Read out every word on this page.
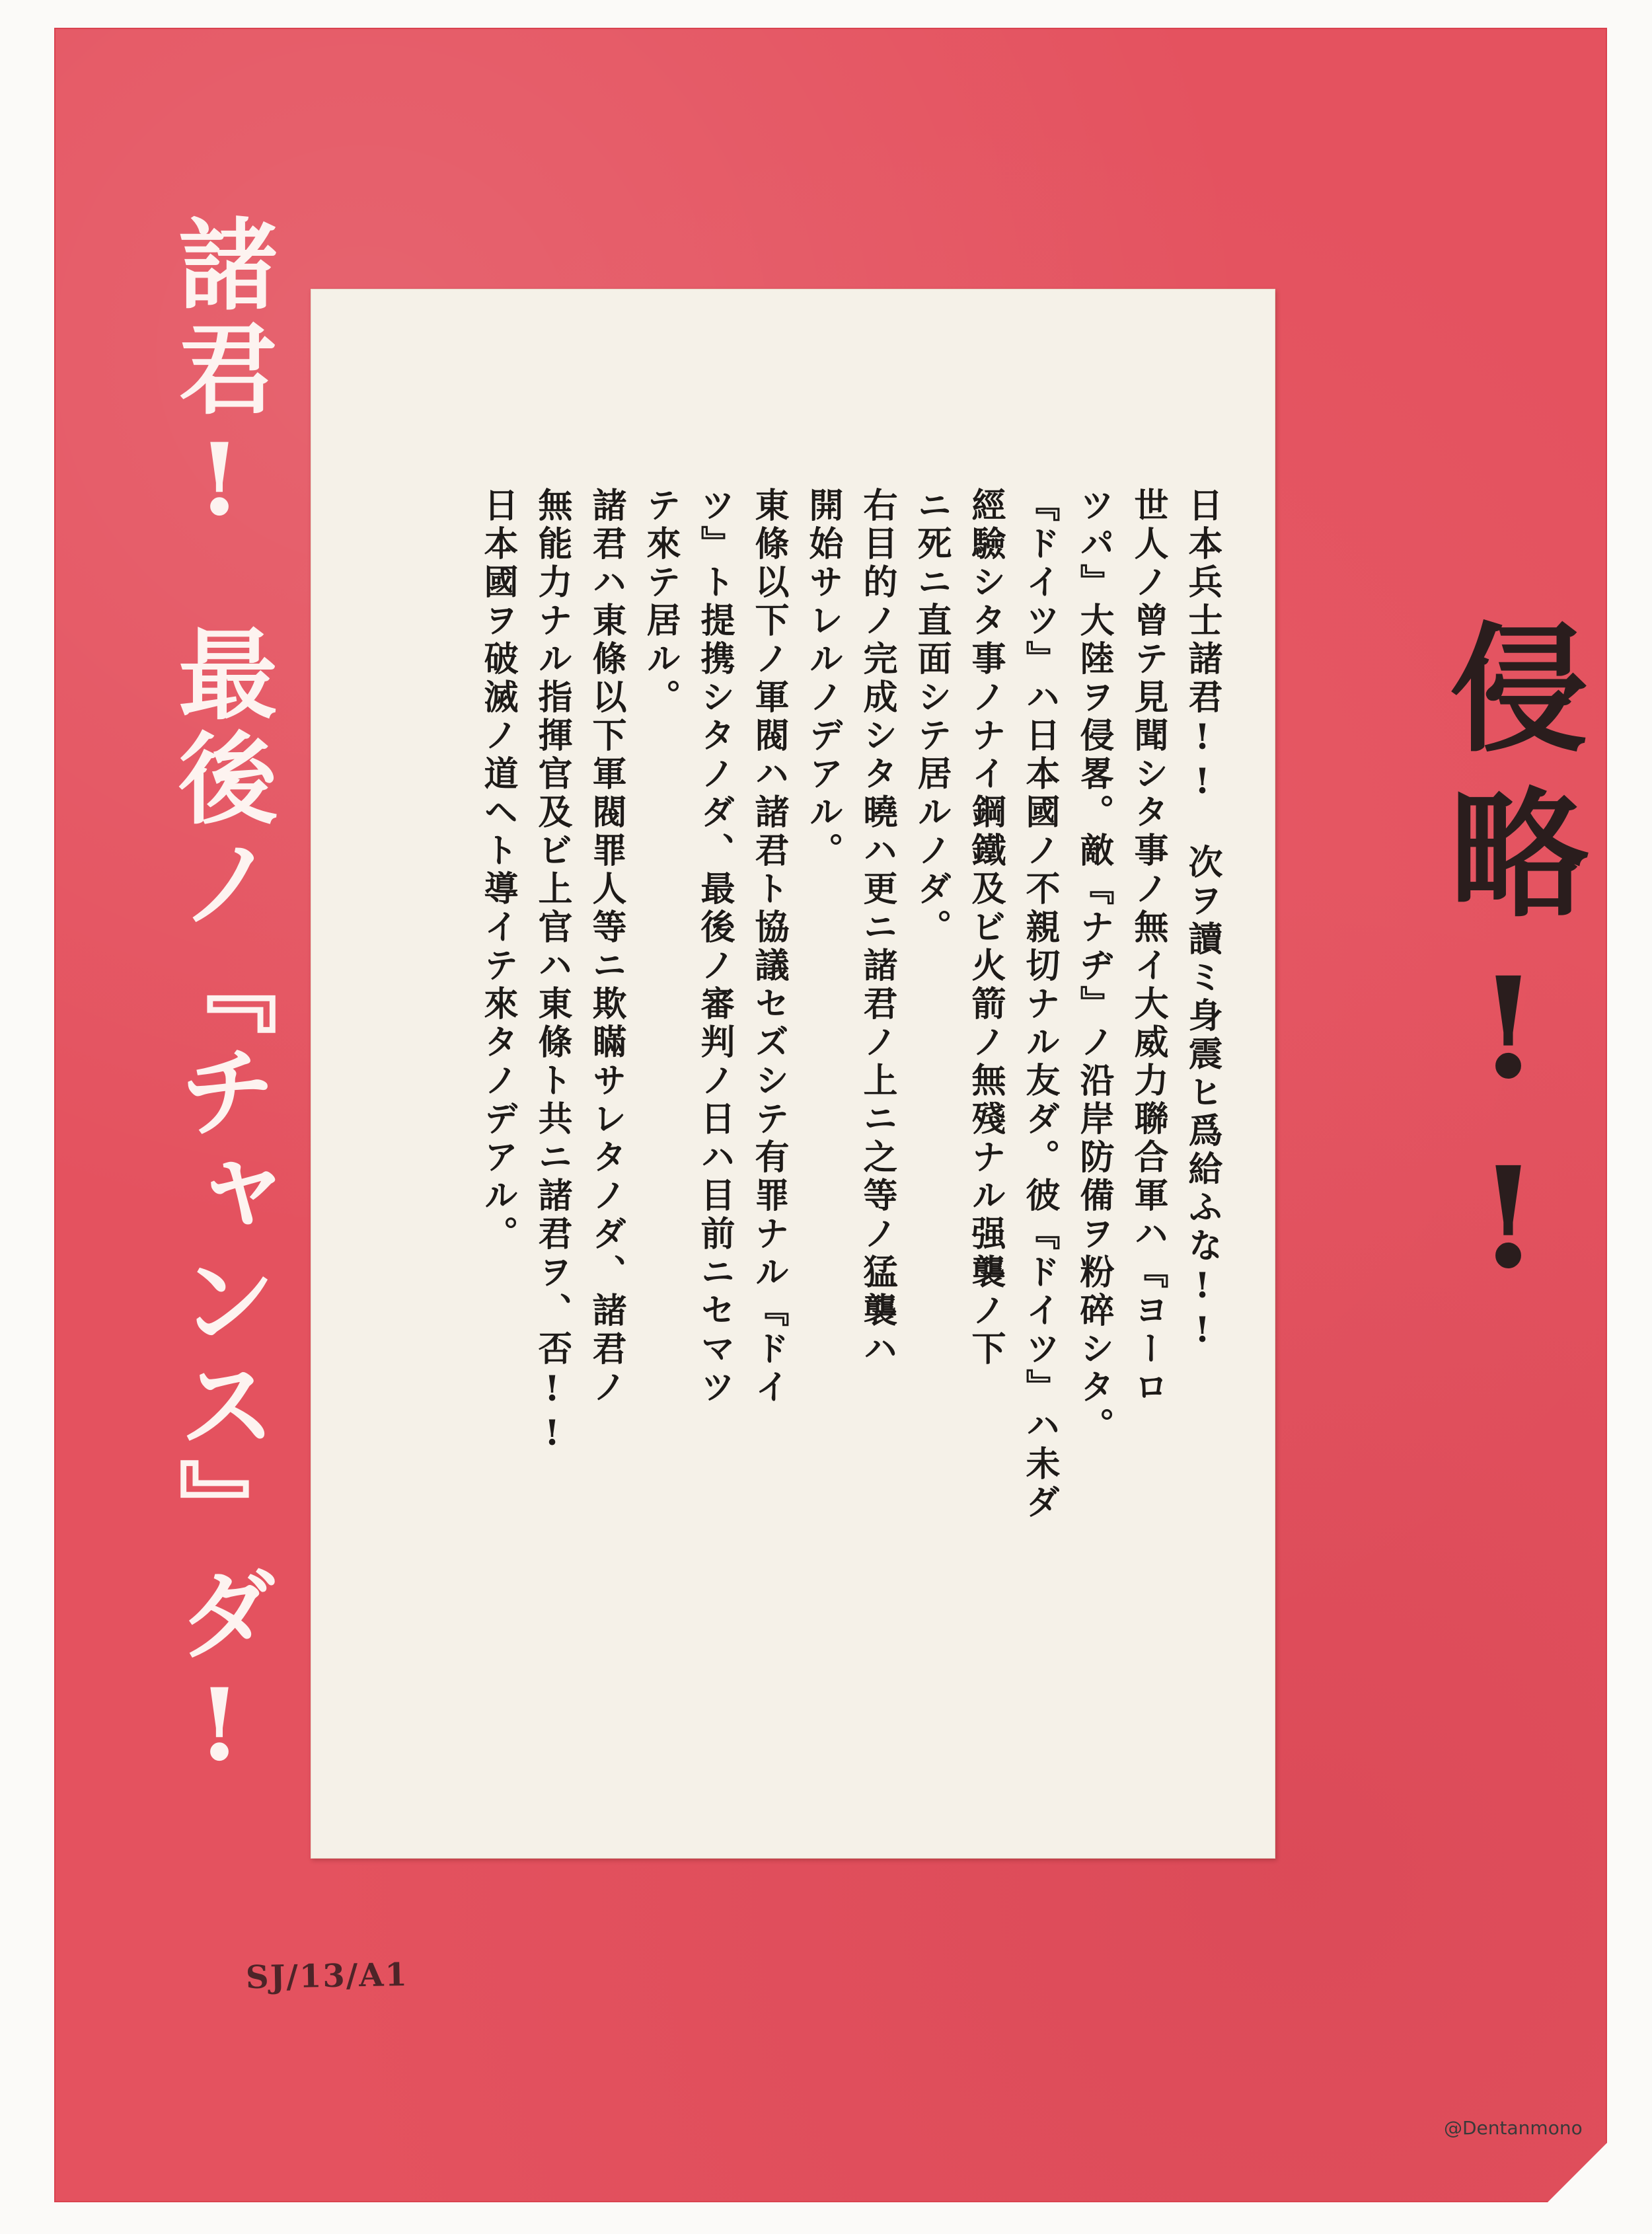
諸君!
最後ノ『チャンス』ダ!	侵略!!
SJ/13/A1

日本兵士諸君!!　次ヲ讀ミ身震ヒ爲給ふな!!

世人ノ曾テ見聞シタ事ノ無イ大威力聯合軍ハ『ヨーロ

ツパ』大陸ヲ侵畧。敵『ナヂ』ノ沿岸防備ヲ粉碎シタ。

『ドイツ』ハ日本國ノ不親切ナル友ダ。彼『ドイツ』ハ未ダ

經驗シタ事ノナイ鋼鐵及ビ火箭ノ無殘ナル强襲ノ下

ニ死ニ直面シテ居ルノダ。

右目的ノ完成シタ曉ハ更ニ諸君ノ上ニ之等ノ猛襲ハ

開始サレルノデアル。

東條以下ノ軍閥ハ諸君ト協議セズシテ有罪ナル『ドイ

ツ』ト提携シタノダ、最後ノ審判ノ日ハ目前ニセマツ

テ來テ居ル。

諸君ハ東條以下軍閥罪人等ニ欺瞞サレタノダ、諸君ノ

無能力ナル指揮官及ビ上官ハ東條ト共ニ諸君ヲ、否!!

日本國ヲ破滅ノ道ヘト導イテ來タノデアル。

@Dentanmono
